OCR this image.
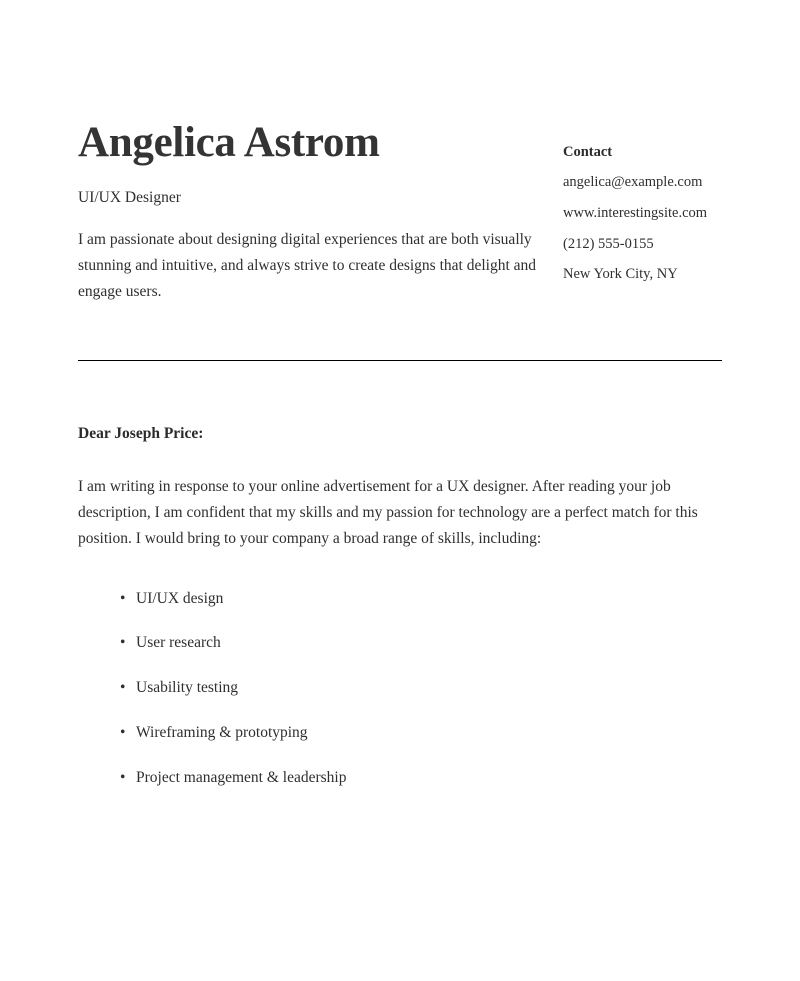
Angelica Astrom

UI/UX Designer

I am passionate about designing digital experiences that are both visually stunning and intuitive, and always strive to create designs that delight and engage users.

Contact
angelica@example.com
www.interestingsite.com
(212) 555-0155
New York City, NY

Dear Joseph Price:

I am writing in response to your online advertisement for a UX designer. After reading your job description, I am confident that my skills and my passion for technology are a perfect match for this position. I would bring to your company a broad range of skills, including:

• UI/UX design
• User research
• Usability testing
• Wireframing & prototyping
• Project management & leadership
